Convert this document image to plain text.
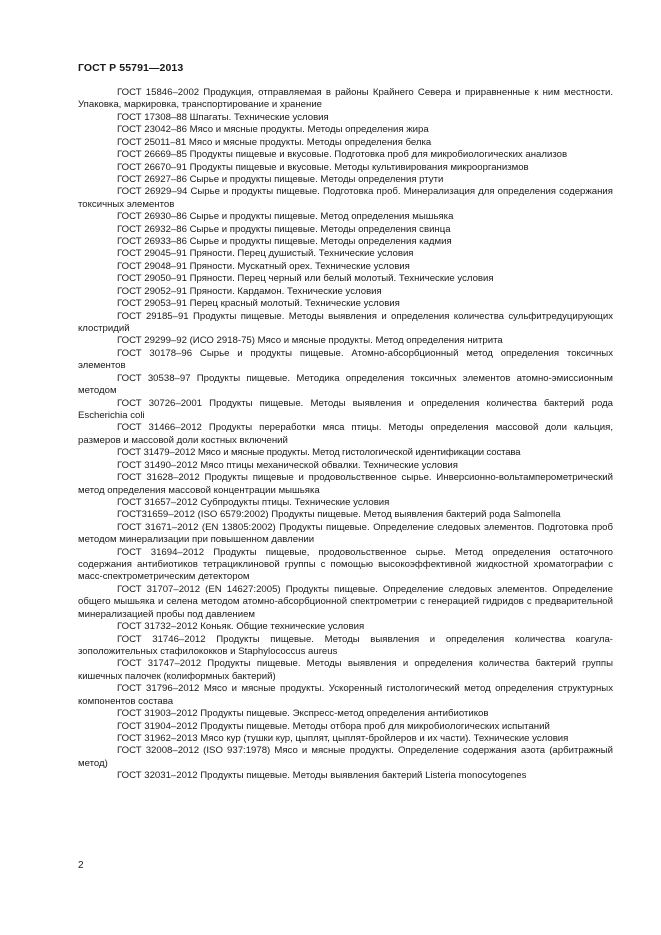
ГОСТ Р 55791—2013

ГОСТ 15846–2002 Продукция, отправляемая в районы Крайнего Севера и приравненные к ним местности. Упаковка, маркировка, транспортирование и хранение

ГОСТ 17308–88 Шпагаты. Технические условия

ГОСТ 23042–86 Мясо и мясные продукты. Методы определения жира

ГОСТ 25011–81 Мясо и мясные продукты. Методы определения белка

ГОСТ 26669–85 Продукты пищевые и вкусовые. Подготовка проб для микробиологических анализов

ГОСТ 26670–91 Продукты пищевые и вкусовые. Методы культивирования микроорганизмов

ГОСТ 26927–86 Сырье и продукты пищевые. Методы определения ртути

ГОСТ 26929–94 Сырье и продукты пищевые. Подготовка проб. Минерализация для определения содержания токсичных элементов

ГОСТ 26930–86 Сырье и продукты пищевые. Метод определения мышьяка

ГОСТ 26932–86 Сырье и продукты пищевые. Методы определения свинца

ГОСТ 26933–86 Сырье и продукты пищевые. Методы определения кадмия

ГОСТ 29045–91 Пряности. Перец душистый. Технические условия

ГОСТ 29048–91 Пряности. Мускатный орех. Технические условия

ГОСТ 29050–91 Пряности. Перец черный или белый молотый. Технические условия

ГОСТ 29052–91 Пряности. Кардамон. Технические условия

ГОСТ 29053–91 Перец красный молотый. Технические условия

ГОСТ 29185–91 Продукты пищевые. Методы выявления и определения количества сульфитредуцирующих клостридий

ГОСТ 29299–92 (ИСО 2918-75) Мясо и мясные продукты. Метод определения нитрита

ГОСТ 30178–96 Сырье и продукты пищевые. Атомно-абсорбционный метод определения токсичных элементов

ГОСТ 30538–97 Продукты пищевые. Методика определения токсичных элементов атомно-эмиссионным методом

ГОСТ 30726–2001 Продукты пищевые. Методы выявления и определения количества бактерий рода Escherichia coli

ГОСТ 31466–2012 Продукты переработки мяса птицы. Методы определения массовой доли кальция, размеров и массовой доли костных включений

ГОСТ 31479–2012 Мясо и мясные продукты. Метод гистологической идентификации состава

ГОСТ 31490–2012 Мясо птицы механической обвалки. Технические условия

ГОСТ 31628–2012 Продукты пищевые и продовольственное сырье. Инверсионно-вольтамперометрический метод определения массовой концентрации мышьяка

ГОСТ 31657–2012 Субпродукты птицы. Технические условия

ГОСТ31659–2012 (ISO 6579:2002) Продукты пищевые. Метод выявления бактерий рода Salmonella

ГОСТ 31671–2012 (EN 13805:2002) Продукты пищевые. Определение следовых элементов. Подготовка проб методом минерализации при повышенном давлении

ГОСТ 31694–2012 Продукты пищевые, продовольственное сырье. Метод определения остаточного содержания антибиотиков тетрациклиновой группы с помощью высокоэффективной жидкостной хроматографии с масс-спектрометрическим детектором

ГОСТ 31707–2012 (EN 14627:2005) Продукты пищевые. Определение следовых элементов. Определение общего мышьяка и селена методом атомно-абсорбционной спектрометрии с генерацией гидридов с предварительной минерализацией пробы под давлением

ГОСТ 31732–2012 Коньяк. Общие технические условия

ГОСТ 31746–2012 Продукты пищевые. Методы выявления и определения количества коагулазоположительных стафилококков и Staphylococcus aureus

ГОСТ 31747–2012 Продукты пищевые. Методы выявления и определения количества бактерий группы кишечных палочек (колиформных бактерий)

ГОСТ 31796–2012 Мясо и мясные продукты. Ускоренный гистологический метод определения структурных компонентов состава

ГОСТ 31903–2012 Продукты пищевые. Экспресс-метод определения антибиотиков

ГОСТ 31904–2012 Продукты пищевые. Методы отбора проб для микробиологических испытаний

ГОСТ 31962–2013 Мясо кур (тушки кур, цыплят, цыплят-бройлеров и их части). Технические условия

ГОСТ 32008–2012 (ISO 937:1978) Мясо и мясные продукты. Определение содержания азота (арбитражный метод)

ГОСТ 32031–2012 Продукты пищевые. Методы выявления бактерий Listeria monocytogenes

2
